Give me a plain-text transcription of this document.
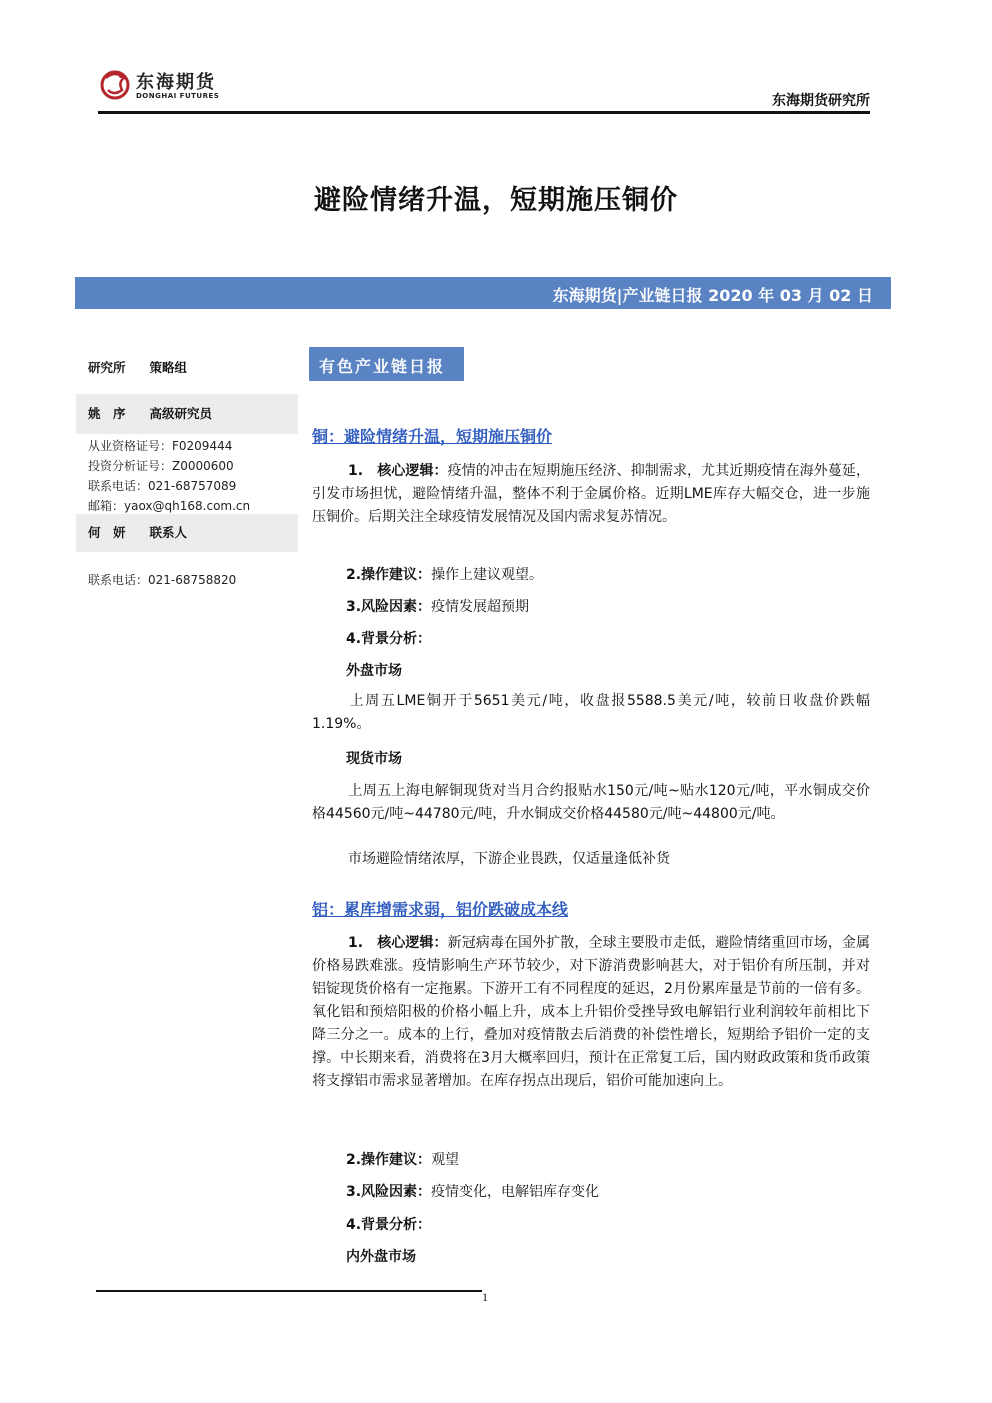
东海期货
DONGHAI FUTURES	东海期货研究所
避险情绪升温，短期施压铜价
东海期货|产业链日报 2020 年 03 月 02 日
研究所 策略组
姚　序 高级研究员
从业资格证号：F0209444
投资分析证号：Z0000600
联系电话：021-68757089
邮箱：yaox@qh168.com.cn
何　妍 联系人
联系电话：021-68758820
有色产业链日报
铜：避险情绪升温，短期施压铜价
1.　核心逻辑：疫情的冲击在短期施压经济、抑制需求，尤其近期疫情在海外蔓延，引发市场担忧，避险情绪升温，整体不利于金属价格。近期LME库存大幅交仓，进一步施压铜价。后期关注全球疫情发展情况及国内需求复苏情况。
2.操作建议：操作上建议观望。
3.风险因素：疫情发展超预期
4.背景分析：
外盘市场
上周五LME铜开于5651美元/吨，收盘报5588.5美元/吨，较前日收盘价跌幅1.19%。
现货市场
上周五上海电解铜现货对当月合约报贴水150元/吨~贴水120元/吨，平水铜成交价格44560元/吨~44780元/吨，升水铜成交价格44580元/吨~44800元/吨。
市场避险情绪浓厚，下游企业畏跌，仅适量逢低补货
铝：累库增需求弱，铝价跌破成本线
1.　核心逻辑：新冠病毒在国外扩散，全球主要股市走低，避险情绪重回市场，金属价格易跌难涨。疫情影响生产环节较少，对下游消费影响甚大，对于铝价有所压制，并对铝锭现货价格有一定拖累。下游开工有不同程度的延迟，2月份累库量是节前的一倍有多。氧化铝和预焙阳极的价格小幅上升，成本上升铝价受挫导致电解铝行业利润较年前相比下降三分之一。成本的上行，叠加对疫情散去后消费的补偿性增长，短期给予铝价一定的支撑。中长期来看，消费将在3月大概率回归，预计在正常复工后，国内财政政策和货币政策将支撑铝市需求显著增加。在库存拐点出现后，铝价可能加速向上。
2.操作建议：观望
3.风险因素：疫情变化，电解铝库存变化
4.背景分析：
内外盘市场
1
